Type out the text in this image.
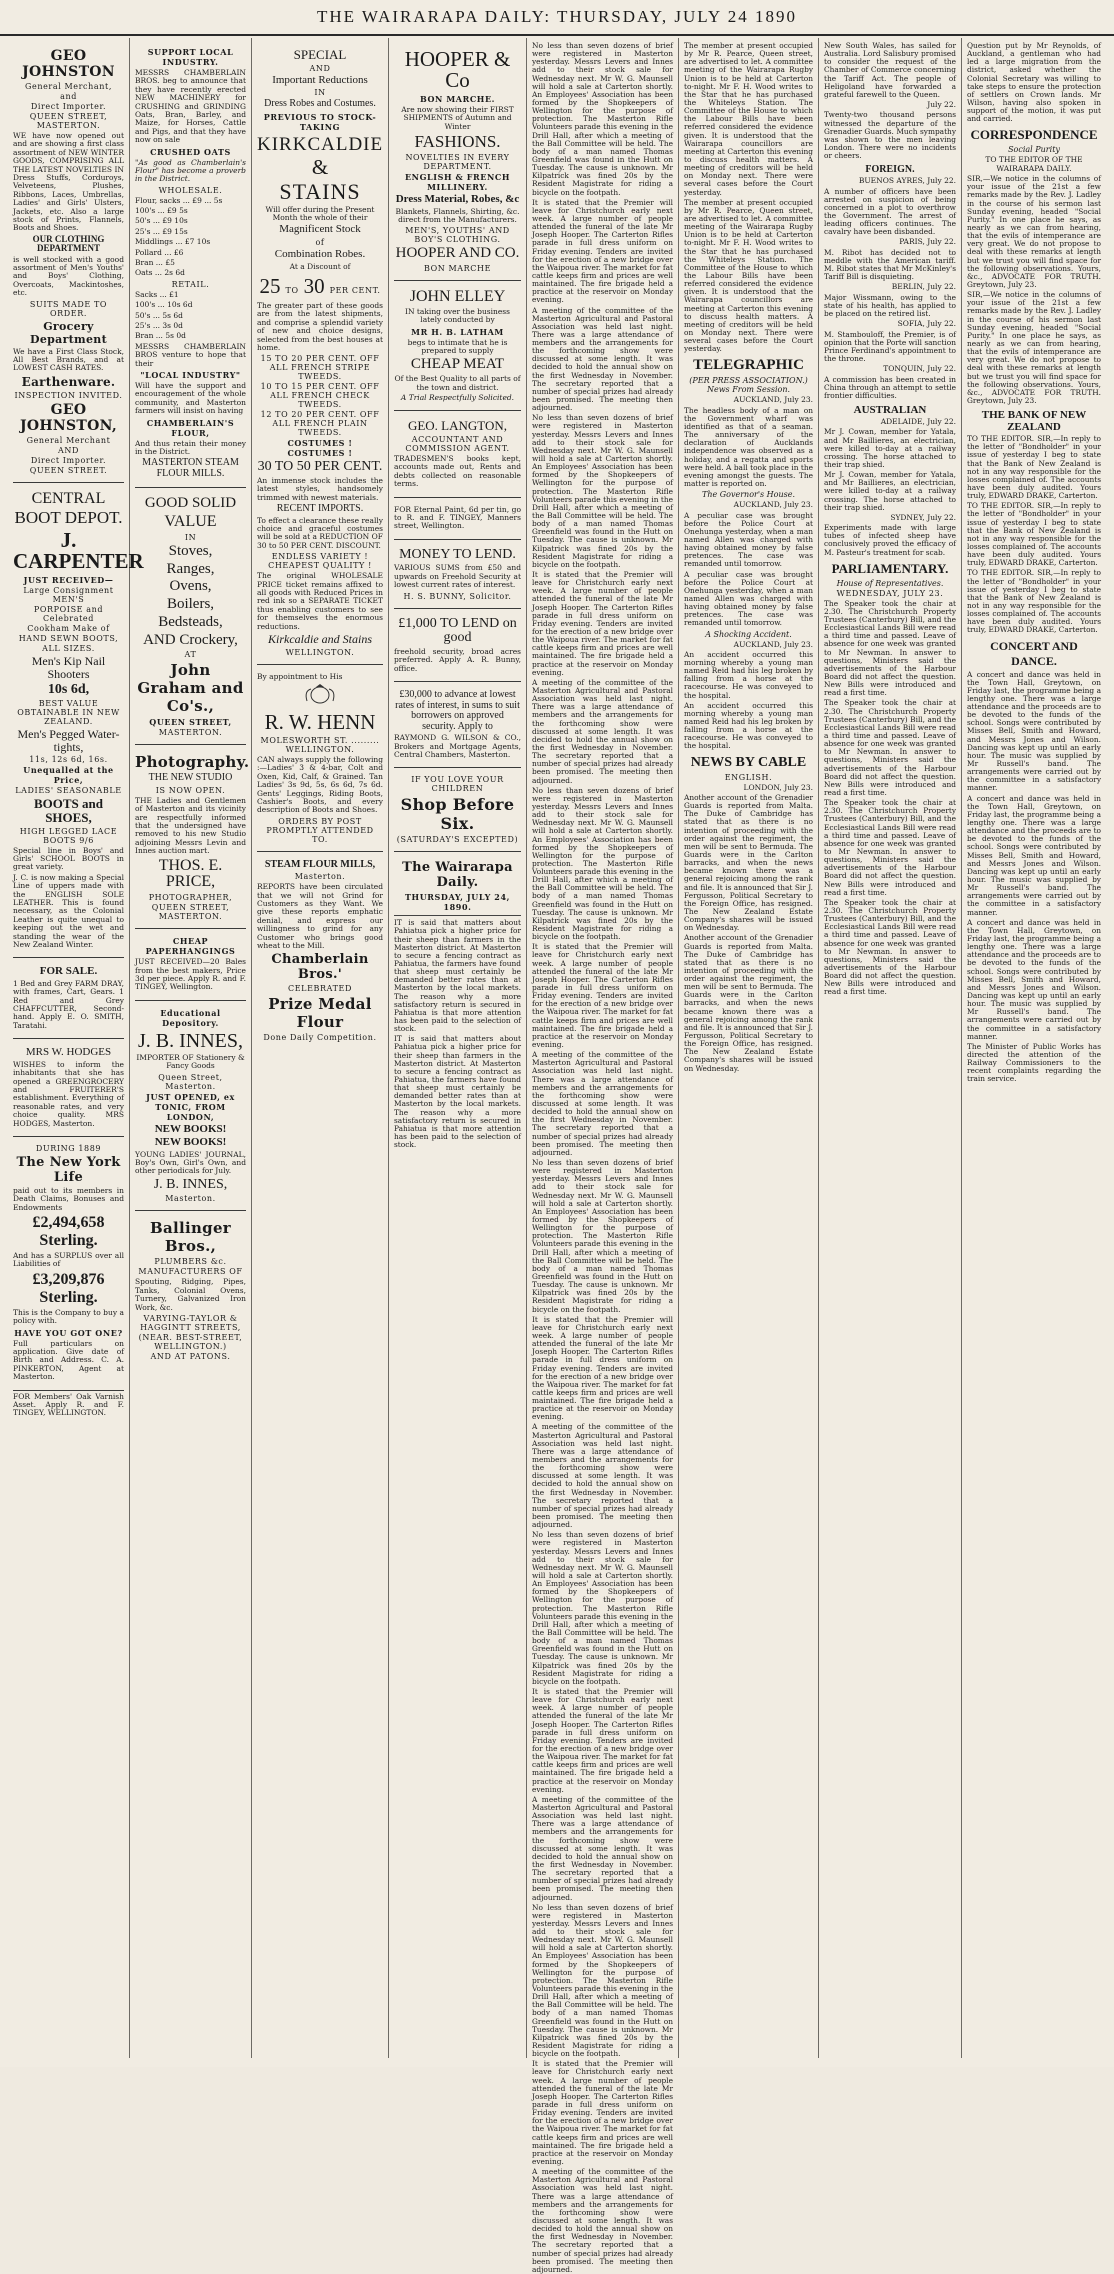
THE WAIRARAPA DAILY: THURSDAY, JULY 24 1890
GEO JOHNSTON
General Merchant,
and
Direct Importer.
QUEEN STREET, MASTERTON.
WE have now opened out and are showing a first class assortment of NEW WINTER GOODS, COMPRISING ALL THE LATEST NOVELTIES IN Dress Stuffs, Corduroys, Velveteens, Plushes, Ribbons, Laces, Umbrellas, Ladies' and Girls' Ulsters, Jackets, etc. Also a large stock of Prints, Flannels, Boots and Shoes.
OUR CLOTHING DEPARTMENT
is well stocked with a good assortment of Men's Youths' and Boys' Clothing, Overcoats, Mackintoshes, etc.
SUITS MADE TO ORDER.
Grocery Department
We have a First Class Stock, All Best Brands, and at LOWEST CASH RATES.
Earthenware.
INSPECTION INVITED.
GEO JOHNSTON,
General Merchant
AND
Direct Importer.
QUEEN STREET.
CENTRAL
BOOT DEPOT.
J. CARPENTER
JUST RECEIVED—
Large Consignment MEN'S
PORPOISE and Celebrated
Cookham Make of
HAND SEWN BOOTS,
ALL SIZES.
Men's Kip Nail Shooters
10s 6d,
BEST VALUE OBTAINABLE IN NEW ZEALAND.
Men's Pegged Water-tights,
11s, 12s 6d, 16s.
Unequalled at the Price,
LADIES' SEASONABLE
BOOTS and SHOES,
HIGH LEGGED LACE BOOTS 9/6
Special line in Boys' and Girls' SCHOOL BOOTS in great variety.
J. C. is now making a Special Line of uppers made with the ENGLISH SOLE LEATHER. This is found necessary, as the Colonial Leather is quite unequal to keeping out the wet and standing the wear of the New Zealand Winter.
FOR SALE.
1 Bed and Grey FARM DRAY, with frames, Cart, Gears. 1 Red and Grey CHAFFCUTTER, Second-hand. Apply E. O. SMITH, Taratahi.
MRS W. HODGES
WISHES to inform the inhabitants that she has opened a GREENGROCERY and FRUITERER'S establishment. Everything of reasonable rates, and very choice quality. MRS HODGES, Masterton.
DURING 1889
The New York Life
paid out to its members in Death Claims, Bonuses and Endowments
£2,494,658 Sterling.
And has a SURPLUS over all Liabilities of
£3,209,876 Sterling.
This is the Company to buy a policy with.
HAVE YOU GOT ONE?
Full particulars on application. Give date of Birth and Address. C. A. PINKERTON, Agent at Masterton.
FOR Members' Oak Varnish Asset. Apply R. and F. TINGEY, WELLINGTON.
SUPPORT LOCAL INDUSTRY.
MESSRS CHAMBERLAIN BROS. beg to announce that they have recently erected NEW MACHINERY for CRUSHING and GRINDING Oats, Bran, Barley, and Maize, for Horses, Cattle and Pigs, and that they have now on sale
CRUSHED OATS
"As good as Chamberlain's Flour" has become a proverb in the District.
WHOLESALE.
Flour, sacks ... £9 ... 5s
100's ... £9 5s
50's ... £9 10s
25's ... £9 15s
Middlings ... £7 10s
Pollard ... £6
Bran ... £5
Oats ... 2s 6d
RETAIL.
Sacks ... £1
100's ... 10s 6d
50's ... 5s 6d
25's ... 3s 0d
Bran ... 5s 0d
MESSRS CHAMBERLAIN BROS venture to hope that their
"LOCAL INDUSTRY"
Will have the support and encouragement of the whole community, and Masterton farmers will insist on having
CHAMBERLAIN'S FLOUR,
And thus retain their money in the District.
MASTERTON STEAM FLOUR MILLS.
GOOD SOLID
VALUE
IN
Stoves,
Ranges,
Ovens,
Boilers,
Bedsteads,
AND Crockery,
AT
John Graham and Co's.,
QUEEN STREET,
MASTERTON.
Photography.
THE NEW STUDIO
IS NOW OPEN.
THE Ladies and Gentlemen of Masterton and its vicinity are respectfully informed that the undersigned have removed to his new Studio adjoining Messrs Levin and Innes auction mart.
THOS. E. PRICE,
PHOTOGRAPHER,
QUEEN STREET, MASTERTON.
CHEAP PAPERHANGINGS
JUST RECEIVED—20 Bales from the best makers, Price 3d per piece. Apply R. and F. TINGEY, Wellington.
Educational Depository.
J. B. INNES,
IMPORTER OF Stationery & Fancy Goods
Queen Street, Masterton.
JUST OPENED, ex TONIC, FROM LONDON,
NEW BOOKS!
NEW BOOKS!
YOUNG LADIES' JOURNAL, Boy's Own, Girl's Own, and other periodicals for July.
J. B. INNES,
Masterton.
Ballinger Bros.,
PLUMBERS &c.
MANUFACTURERS OF
Spouting, Ridging, Pipes, Tanks, Colonial Ovens, Turnery, Galvanized Iron Work, &c.
VARYING-TAYLOR & HAGGINTT STREETS,
(NEAR. BEST-STREET, WELLINGTON.)
AND AT PATONS.
SPECIAL
AND
Important Reductions
IN
Dress Robes and Costumes.
PREVIOUS TO STOCK-TAKING
KIRKCALDIE
&
STAINS
Will offer during the Present Month the whole of their
Magnificent Stock
of
Combination Robes.
At a Discount of
25 TO 30 PER CENT.
The greater part of these goods are from the latest shipments, and comprise a splendid variety of new and choice designs, selected from the best houses at home.
15 TO 20 PER CENT. OFF ALL FRENCH STRIPE TWEEDS.
10 TO 15 PER CENT. OFF ALL FRENCH CHECK TWEEDS.
12 TO 20 PER CENT. OFF ALL FRENCH PLAIN TWEEDS.
COSTUMES ! COSTUMES !
30 TO 50 PER CENT.
An immense stock includes the latest styles, handsomely trimmed with newest materials.
RECENT IMPORTS.
To effect a clearance these really choice and graceful costumes will be sold at a REDUCTION OF 30 to 50 PER CENT. DISCOUNT.
ENDLESS VARIETY ! CHEAPEST QUALITY !
The original WHOLESALE PRICE ticket remains affixed to all goods with Reduced Prices in red ink so a SEPARATE TICKET thus enabling customers to see for themselves the enormous reductions.
Kirkcaldie and Stains
WELLINGTON.
By appointment to His
R. W. HENN
MOLESWORTH ST. ......... WELLINGTON.
CAN always supply the following :—Ladies' 3 & 4-bar, Colt and Oxen, Kid, Calf, & Grained. Tan Ladies' 3s 9d, 5s, 6s 6d, 7s 6d. Gents' Leggings, Riding Boots, Cashier's Boots, and every description of Boots and Shoes.
ORDERS BY POST PROMPTLY ATTENDED TO.
STEAM FLOUR MILLS,
Masterton.
REPORTS have been circulated that we will not Grind for Customers as they Want. We give these reports emphatic denial, and express our willingness to grind for any Customer who brings good wheat to the Mill.
Chamberlain Bros.'
CELEBRATED
Prize Medal Flour
Done Daily Competition.
HOOPER & Co
BON MARCHE.
Are now showing their FIRST SHIPMENTS of Autumn and Winter
FASHIONS.
NOVELTIES IN EVERY DEPARTMENT.
ENGLISH & FRENCH MILLINERY.
Dress Material, Robes, &c
Blankets, Flannels, Shirting, &c. direct from the Manufacturers.
MEN'S, YOUTHS' AND BOY'S CLOTHING.
HOOPER AND CO.
BON MARCHE
JOHN ELLEY
IN taking over the business lately conducted by
MR H. B. LATHAM
begs to intimate that he is prepared to supply
CHEAP MEAT
Of the Best Quality to all parts of the town and district.
A Trial Respectfully Solicited.
GEO. LANGTON,
ACCOUNTANT AND COMMISSION AGENT.
TRADESMEN'S books kept, accounts made out, Rents and debts collected on reasonable terms.
FOR Eternal Paint, 6d per tin, go to R. and F. TINGEY, Manners street, Wellington.
MONEY TO LEND.
VARIOUS SUMS from £50 and upwards on Freehold Security at lowest current rates of interest.
H. S. BUNNY, Solicitor.
£1,000 TO LEND on good
freehold security, broad acres preferred. Apply A. R. Bunny, office.
£30,000 to advance at lowest rates of interest, in sums to suit borrowers on approved security. Apply to
RAYMOND G. WILSON & CO., Brokers and Mortgage Agents, Central Chambers, Masterton.
IF YOU LOVE YOUR CHILDREN
Shop Before Six.
(SATURDAY'S EXCEPTED)
The Wairarapa Daily.
THURSDAY, JULY 24, 1890.
IT is said that matters about Pahiatua pick a higher price for their sheep than farmers in the Masterton district. At Masterton to secure a fencing contract as Pahiatua, the farmers have found that sheep must certainly be demanded better rates than at Masterton by the local markets. The reason why a more satisfactory return is secured in Pahiatua is that more attention has been paid to the selection of stock.
IT is said that matters about Pahiatua pick a higher price for their sheep than farmers in the Masterton district. At Masterton to secure a fencing contract as Pahiatua, the farmers have found that sheep must certainly be demanded better rates than at Masterton by the local markets. The reason why a more satisfactory return is secured in Pahiatua is that more attention has been paid to the selection of stock.
No less than seven dozens of brief were registered in Masterton yesterday. Messrs Levers and Innes add to their stock sale for Wednesday next. Mr W. G. Maunsell will hold a sale at Carterton shortly. An Employees' Association has been formed by the Shopkeepers of Wellington for the purpose of protection. The Masterton Rifle Volunteers parade this evening in the Drill Hall, after which a meeting of the Ball Committee will be held. The body of a man named Thomas Greenfield was found in the Hutt on Tuesday. The cause is unknown. Mr Kilpatrick was fined 20s by the Resident Magistrate for riding a bicycle on the footpath.
It is stated that the Premier will leave for Christchurch early next week. A large number of people attended the funeral of the late Mr Joseph Hooper. The Carterton Rifles parade in full dress uniform on Friday evening. Tenders are invited for the erection of a new bridge over the Waipoua river. The market for fat cattle keeps firm and prices are well maintained. The fire brigade held a practice at the reservoir on Monday evening.
A meeting of the committee of the Masterton Agricultural and Pastoral Association was held last night. There was a large attendance of members and the arrangements for the forthcoming show were discussed at some length. It was decided to hold the annual show on the first Wednesday in November. The secretary reported that a number of special prizes had already been promised. The meeting then adjourned.
No less than seven dozens of brief were registered in Masterton yesterday. Messrs Levers and Innes add to their stock sale for Wednesday next. Mr W. G. Maunsell will hold a sale at Carterton shortly. An Employees' Association has been formed by the Shopkeepers of Wellington for the purpose of protection. The Masterton Rifle Volunteers parade this evening in the Drill Hall, after which a meeting of the Ball Committee will be held. The body of a man named Thomas Greenfield was found in the Hutt on Tuesday. The cause is unknown. Mr Kilpatrick was fined 20s by the Resident Magistrate for riding a bicycle on the footpath.
It is stated that the Premier will leave for Christchurch early next week. A large number of people attended the funeral of the late Mr Joseph Hooper. The Carterton Rifles parade in full dress uniform on Friday evening. Tenders are invited for the erection of a new bridge over the Waipoua river. The market for fat cattle keeps firm and prices are well maintained. The fire brigade held a practice at the reservoir on Monday evening.
A meeting of the committee of the Masterton Agricultural and Pastoral Association was held last night. There was a large attendance of members and the arrangements for the forthcoming show were discussed at some length. It was decided to hold the annual show on the first Wednesday in November. The secretary reported that a number of special prizes had already been promised. The meeting then adjourned.
No less than seven dozens of brief were registered in Masterton yesterday. Messrs Levers and Innes add to their stock sale for Wednesday next. Mr W. G. Maunsell will hold a sale at Carterton shortly. An Employees' Association has been formed by the Shopkeepers of Wellington for the purpose of protection. The Masterton Rifle Volunteers parade this evening in the Drill Hall, after which a meeting of the Ball Committee will be held. The body of a man named Thomas Greenfield was found in the Hutt on Tuesday. The cause is unknown. Mr Kilpatrick was fined 20s by the Resident Magistrate for riding a bicycle on the footpath.
It is stated that the Premier will leave for Christchurch early next week. A large number of people attended the funeral of the late Mr Joseph Hooper. The Carterton Rifles parade in full dress uniform on Friday evening. Tenders are invited for the erection of a new bridge over the Waipoua river. The market for fat cattle keeps firm and prices are well maintained. The fire brigade held a practice at the reservoir on Monday evening.
A meeting of the committee of the Masterton Agricultural and Pastoral Association was held last night. There was a large attendance of members and the arrangements for the forthcoming show were discussed at some length. It was decided to hold the annual show on the first Wednesday in November. The secretary reported that a number of special prizes had already been promised. The meeting then adjourned.
No less than seven dozens of brief were registered in Masterton yesterday. Messrs Levers and Innes add to their stock sale for Wednesday next. Mr W. G. Maunsell will hold a sale at Carterton shortly. An Employees' Association has been formed by the Shopkeepers of Wellington for the purpose of protection. The Masterton Rifle Volunteers parade this evening in the Drill Hall, after which a meeting of the Ball Committee will be held. The body of a man named Thomas Greenfield was found in the Hutt on Tuesday. The cause is unknown. Mr Kilpatrick was fined 20s by the Resident Magistrate for riding a bicycle on the footpath.
It is stated that the Premier will leave for Christchurch early next week. A large number of people attended the funeral of the late Mr Joseph Hooper. The Carterton Rifles parade in full dress uniform on Friday evening. Tenders are invited for the erection of a new bridge over the Waipoua river. The market for fat cattle keeps firm and prices are well maintained. The fire brigade held a practice at the reservoir on Monday evening.
A meeting of the committee of the Masterton Agricultural and Pastoral Association was held last night. There was a large attendance of members and the arrangements for the forthcoming show were discussed at some length. It was decided to hold the annual show on the first Wednesday in November. The secretary reported that a number of special prizes had already been promised. The meeting then adjourned.
No less than seven dozens of brief were registered in Masterton yesterday. Messrs Levers and Innes add to their stock sale for Wednesday next. Mr W. G. Maunsell will hold a sale at Carterton shortly. An Employees' Association has been formed by the Shopkeepers of Wellington for the purpose of protection. The Masterton Rifle Volunteers parade this evening in the Drill Hall, after which a meeting of the Ball Committee will be held. The body of a man named Thomas Greenfield was found in the Hutt on Tuesday. The cause is unknown. Mr Kilpatrick was fined 20s by the Resident Magistrate for riding a bicycle on the footpath.
It is stated that the Premier will leave for Christchurch early next week. A large number of people attended the funeral of the late Mr Joseph Hooper. The Carterton Rifles parade in full dress uniform on Friday evening. Tenders are invited for the erection of a new bridge over the Waipoua river. The market for fat cattle keeps firm and prices are well maintained. The fire brigade held a practice at the reservoir on Monday evening.
A meeting of the committee of the Masterton Agricultural and Pastoral Association was held last night. There was a large attendance of members and the arrangements for the forthcoming show were discussed at some length. It was decided to hold the annual show on the first Wednesday in November. The secretary reported that a number of special prizes had already been promised. The meeting then adjourned.
No less than seven dozens of brief were registered in Masterton yesterday. Messrs Levers and Innes add to their stock sale for Wednesday next. Mr W. G. Maunsell will hold a sale at Carterton shortly. An Employees' Association has been formed by the Shopkeepers of Wellington for the purpose of protection. The Masterton Rifle Volunteers parade this evening in the Drill Hall, after which a meeting of the Ball Committee will be held. The body of a man named Thomas Greenfield was found in the Hutt on Tuesday. The cause is unknown. Mr Kilpatrick was fined 20s by the Resident Magistrate for riding a bicycle on the footpath.
It is stated that the Premier will leave for Christchurch early next week. A large number of people attended the funeral of the late Mr Joseph Hooper. The Carterton Rifles parade in full dress uniform on Friday evening. Tenders are invited for the erection of a new bridge over the Waipoua river. The market for fat cattle keeps firm and prices are well maintained. The fire brigade held a practice at the reservoir on Monday evening.
A meeting of the committee of the Masterton Agricultural and Pastoral Association was held last night. There was a large attendance of members and the arrangements for the forthcoming show were discussed at some length. It was decided to hold the annual show on the first Wednesday in November. The secretary reported that a number of special prizes had already been promised. The meeting then adjourned.
The member at present occupied by Mr R. Pearce, Queen street, are advertised to let. A committee meeting of the Wairarapa Rugby Union is to be held at Carterton to-night. Mr F. H. Wood writes to the Star that he has purchased the Whiteleys Station. The Committee of the House to which the Labour Bills have been referred considered the evidence given. It is understood that the Wairarapa councillors are meeting at Carterton this evening to discuss health matters. A meeting of creditors will be held on Monday next. There were several cases before the Court yesterday.
The member at present occupied by Mr R. Pearce, Queen street, are advertised to let. A committee meeting of the Wairarapa Rugby Union is to be held at Carterton to-night. Mr F. H. Wood writes to the Star that he has purchased the Whiteleys Station. The Committee of the House to which the Labour Bills have been referred considered the evidence given. It is understood that the Wairarapa councillors are meeting at Carterton this evening to discuss health matters. A meeting of creditors will be held on Monday next. There were several cases before the Court yesterday.
TELEGRAPHIC
(PER PRESS ASSOCIATION.)
News From Session.
AUCKLAND, July 23.
The headless body of a man on the Government wharf was identified as that of a seaman. The anniversary of the declaration of Aucklands independence was observed as a holiday, and a regatta and sports were held. A ball took place in the evening amongst the guests. The matter is reported on.
The Governor's House.
AUCKLAND, July 23.
A peculiar case was brought before the Police Court at Onehunga yesterday, when a man named Allen was charged with having obtained money by false pretences. The case was remanded until tomorrow.
A peculiar case was brought before the Police Court at Onehunga yesterday, when a man named Allen was charged with having obtained money by false pretences. The case was remanded until tomorrow.
A Shocking Accident.
AUCKLAND, July 23.
An accident occurred this morning whereby a young man named Reid had his leg broken by falling from a horse at the racecourse. He was conveyed to the hospital.
An accident occurred this morning whereby a young man named Reid had his leg broken by falling from a horse at the racecourse. He was conveyed to the hospital.
NEWS BY CABLE
ENGLISH.
LONDON, July 23.
Another account of the Grenadier Guards is reported from Malta. The Duke of Cambridge has stated that as there is no intention of proceeding with the order against the regiment, the men will be sent to Bermuda. The Guards were in the Carlton barracks, and when the news became known there was a general rejoicing among the rank and file. It is announced that Sir J. Fergusson, Political Secretary to the Foreign Office, has resigned. The New Zealand Estate Company's shares will be issued on Wednesday.
Another account of the Grenadier Guards is reported from Malta. The Duke of Cambridge has stated that as there is no intention of proceeding with the order against the regiment, the men will be sent to Bermuda. The Guards were in the Carlton barracks, and when the news became known there was a general rejoicing among the rank and file. It is announced that Sir J. Fergusson, Political Secretary to the Foreign Office, has resigned. The New Zealand Estate Company's shares will be issued on Wednesday.
New South Wales, has sailed for Australia. Lord Salisbury promised to consider the request of the Chamber of Commerce concerning the Tariff Act. The people of Heligoland have forwarded a grateful farewell to the Queen.
July 22.
Twenty-two thousand persons witnessed the departure of the Grenadier Guards. Much sympathy was shown to the men leaving London. There were no incidents or cheers.
FOREIGN.
BUENOS AYRES, July 22.
A number of officers have been arrested on suspicion of being concerned in a plot to overthrow the Government. The arrest of leading officers continues. The cavalry have been disbanded.
PARIS, July 22.
M. Ribot has decided not to meddle with the American tariff. M. Ribot states that Mr McKinley's Tariff Bill is disquieting.
BERLIN, July 22.
Major Wissmann, owing to the state of his health, has applied to be placed on the retired list.
SOFIA, July 22.
M. Stambouloff, the Premier, is of opinion that the Porte will sanction Prince Ferdinand's appointment to the throne.
TONQUIN, July 22.
A commission has been created in China through an attempt to settle frontier difficulties.
AUSTRALIAN
ADELAIDE, July 22.
Mr J. Cowan, member for Yatala, and Mr Baillieres, an electrician, were killed to-day at a railway crossing. The horse attached to their trap shied.
Mr J. Cowan, member for Yatala, and Mr Baillieres, an electrician, were killed to-day at a railway crossing. The horse attached to their trap shied.
SYDNEY, July 22.
Experiments made with large tubes of infected sheep have conclusively proved the efficacy of M. Pasteur's treatment for scab.
PARLIAMENTARY.
House of Representatives.
WEDNESDAY, JULY 23.
The Speaker took the chair at 2.30. The Christchurch Property Trustees (Canterbury) Bill, and the Ecclesiastical Lands Bill were read a third time and passed. Leave of absence for one week was granted to Mr Newman. In answer to questions, Ministers said the advertisements of the Harbour Board did not affect the question. New Bills were introduced and read a first time.
The Speaker took the chair at 2.30. The Christchurch Property Trustees (Canterbury) Bill, and the Ecclesiastical Lands Bill were read a third time and passed. Leave of absence for one week was granted to Mr Newman. In answer to questions, Ministers said the advertisements of the Harbour Board did not affect the question. New Bills were introduced and read a first time.
The Speaker took the chair at 2.30. The Christchurch Property Trustees (Canterbury) Bill, and the Ecclesiastical Lands Bill were read a third time and passed. Leave of absence for one week was granted to Mr Newman. In answer to questions, Ministers said the advertisements of the Harbour Board did not affect the question. New Bills were introduced and read a first time.
The Speaker took the chair at 2.30. The Christchurch Property Trustees (Canterbury) Bill, and the Ecclesiastical Lands Bill were read a third time and passed. Leave of absence for one week was granted to Mr Newman. In answer to questions, Ministers said the advertisements of the Harbour Board did not affect the question. New Bills were introduced and read a first time.
Question put by Mr Reynolds, of Auckland, a gentleman who had led a large migration from the district, asked whether the Colonial Secretary was willing to take steps to ensure the protection of settlers on Crown lands. Mr Wilson, having also spoken in support of the motion, it was put and carried.
CORRESPONDENCE
Social Purity
TO THE EDITOR OF THE WAIRARAPA DAILY.
SIR,—We notice in the columns of your issue of the 21st a few remarks made by the Rev. J. Ladley in the course of his sermon last Sunday evening, headed "Social Purity." In one place he says, as nearly as we can from hearing, that the evils of intemperance are very great. We do not propose to deal with these remarks at length but we trust you will find space for the following observations. Yours, &c., ADVOCATE FOR TRUTH. Greytown, July 23.
SIR,—We notice in the columns of your issue of the 21st a few remarks made by the Rev. J. Ladley in the course of his sermon last Sunday evening, headed "Social Purity." In one place he says, as nearly as we can from hearing, that the evils of intemperance are very great. We do not propose to deal with these remarks at length but we trust you will find space for the following observations. Yours, &c., ADVOCATE FOR TRUTH. Greytown, July 23.
THE BANK OF NEW ZEALAND
TO THE EDITOR. SIR,—In reply to the letter of "Bondholder" in your issue of yesterday I beg to state that the Bank of New Zealand is not in any way responsible for the losses complained of. The accounts have been duly audited. Yours truly, EDWARD DRAKE, Carterton.
TO THE EDITOR. SIR,—In reply to the letter of "Bondholder" in your issue of yesterday I beg to state that the Bank of New Zealand is not in any way responsible for the losses complained of. The accounts have been duly audited. Yours truly, EDWARD DRAKE, Carterton.
TO THE EDITOR. SIR,—In reply to the letter of "Bondholder" in your issue of yesterday I beg to state that the Bank of New Zealand is not in any way responsible for the losses complained of. The accounts have been duly audited. Yours truly, EDWARD DRAKE, Carterton.
CONCERT AND DANCE.
A concert and dance was held in the Town Hall, Greytown, on Friday last, the programme being a lengthy one. There was a large attendance and the proceeds are to be devoted to the funds of the school. Songs were contributed by Misses Bell, Smith and Howard, and Messrs Jones and Wilson. Dancing was kept up until an early hour. The music was supplied by Mr Russell's band. The arrangements were carried out by the committee in a satisfactory manner.
A concert and dance was held in the Town Hall, Greytown, on Friday last, the programme being a lengthy one. There was a large attendance and the proceeds are to be devoted to the funds of the school. Songs were contributed by Misses Bell, Smith and Howard, and Messrs Jones and Wilson. Dancing was kept up until an early hour. The music was supplied by Mr Russell's band. The arrangements were carried out by the committee in a satisfactory manner.
A concert and dance was held in the Town Hall, Greytown, on Friday last, the programme being a lengthy one. There was a large attendance and the proceeds are to be devoted to the funds of the school. Songs were contributed by Misses Bell, Smith and Howard, and Messrs Jones and Wilson. Dancing was kept up until an early hour. The music was supplied by Mr Russell's band. The arrangements were carried out by the committee in a satisfactory manner.
The Minister of Public Works has directed the attention of the Railway Commissioners to the recent complaints regarding the train service.
